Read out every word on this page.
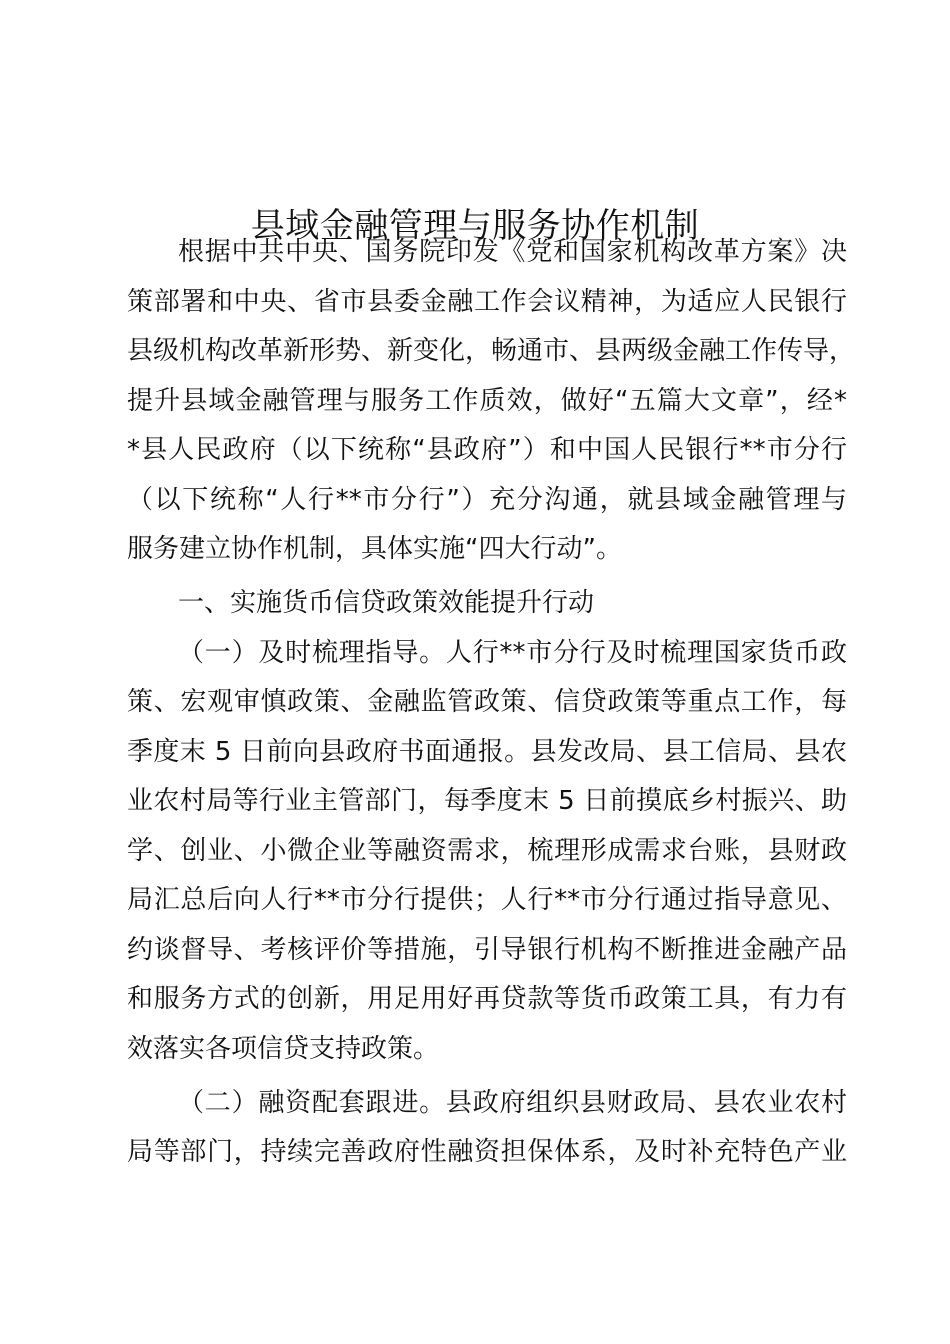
县域金融管理与服务协作机制
根据中共中央、国务院印发《党和国家机构改革方案》决
策部署和中央、省市县委金融工作会议精神，为适应人民银行
县级机构改革新形势、新变化，畅通市、县两级金融工作传导，
提升县域金融管理与服务工作质效，做好“五篇大文章”，经*
*县人民政府（以下统称“县政府”）和中国人民银行**市分行
（以下统称“人行**市分行”）充分沟通，就县域金融管理与
服务建立协作机制，具体实施“四大行动”。
一、实施货币信贷政策效能提升行动
（一）及时梳理指导。人行**市分行及时梳理国家货币政
策、宏观审慎政策、金融监管政策、信贷政策等重点工作，每
季度末 5 日前向县政府书面通报。县发改局、县工信局、县农
业农村局等行业主管部门，每季度末 5 日前摸底乡村振兴、助
学、创业、小微企业等融资需求，梳理形成需求台账，县财政
局汇总后向人行**市分行提供；人行**市分行通过指导意见、
约谈督导、考核评价等措施，引导银行机构不断推进金融产品
和服务方式的创新，用足用好再贷款等货币政策工具，有力有
效落实各项信贷支持政策。
（二）融资配套跟进。县政府组织县财政局、县农业农村
局等部门，持续完善政府性融资担保体系，及时补充特色产业
